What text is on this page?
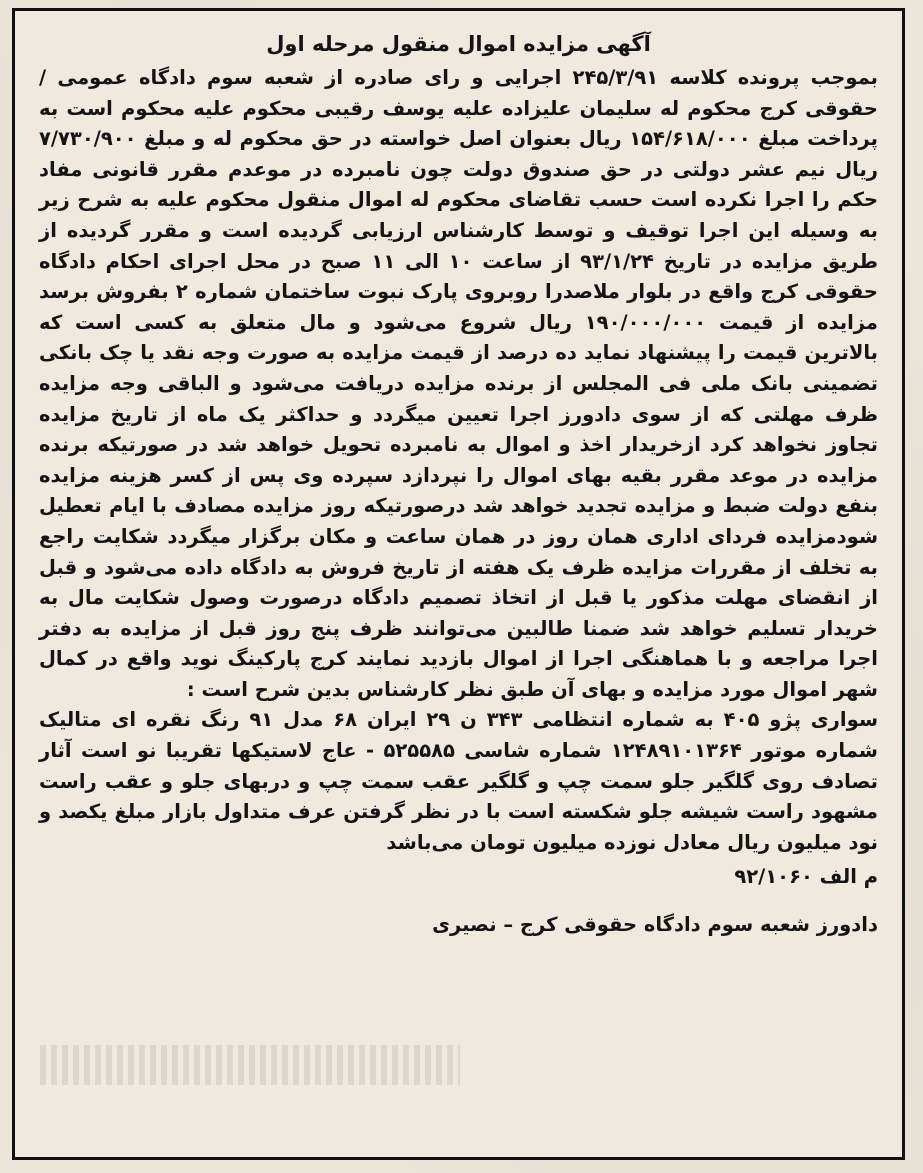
آگهی مزایده اموال منقول مرحله اول

بموجب پرونده کلاسه ۲۴۵/۳/۹۱ اجرایی و رای صادره از شعبه سوم دادگاه عمومی / حقوقی کرج محکوم له سلیمان علیزاده علیه یوسف رقیبی محکوم علیه محکوم است به پرداخت مبلغ ۱۵۴/۶۱۸/۰۰۰ ریال بعنوان اصل خواسته در حق محکوم له و مبلغ ۷/۷۳۰/۹۰۰ ریال نیم عشر دولتی در حق صندوق دولت چون نامبرده در موعدم مقرر قانونی مفاد حکم را اجرا نکرده است حسب تقاضای محکوم له اموال منقول محکوم علیه به شرح زیر به وسیله این اجرا توقیف و توسط کارشناس ارزیابی گردیده است و مقرر گردیده از طریق مزایده در تاریخ ۹۳/۱/۲۴ از ساعت ۱۰ الی ۱۱ صبح در محل اجرای احکام دادگاه حقوقی کرج واقع در بلوار ملاصدرا روبروی پارک نبوت ساختمان شماره ۲ بفروش برسد مزایده از قیمت ۱۹۰/۰۰۰/۰۰۰ ریال شروع می‌شود و مال متعلق به کسی است که بالاترین قیمت را پیشنهاد نماید ده درصد از قیمت مزایده به صورت وجه نقد یا چک بانکی تضمینی بانک ملی فی المجلس از برنده مزایده دریافت می‌شود و الباقی وجه مزایده ظرف مهلتی که از سوی دادورز اجرا تعیین میگردد و حداکثر یک ماه از تاریخ مزایده تجاوز نخواهد کرد ازخریدار اخذ و اموال به نامبرده تحویل خواهد شد در صورتیکه برنده مزایده در موعد مقرر بقیه بهای اموال را نپردازد سپرده وی پس از کسر هزینه مزایده بنفع دولت ضبط و مزایده تجدید خواهد شد درصورتیکه روز مزایده مصادف با ایام تعطیل شودمزایده فردای اداری همان روز در همان ساعت و مکان برگزار میگردد شکایت راجع به تخلف از مقررات مزایده ظرف یک هفته از تاریخ فروش به دادگاه داده می‌شود و قبل از انقضای مهلت مذکور یا قبل از اتخاذ تصمیم دادگاه درصورت وصول شکایت مال به خریدار تسلیم خواهد شد ضمنا طالبین می‌توانند ظرف پنج روز قبل از مزایده به دفتر اجرا مراجعه و با هماهنگی اجرا از اموال بازدید نمایند کرج پارکینگ نوید واقع در کمال شهر اموال مورد مزایده و بهای آن طبق نظر کارشناس بدین شرح است :

سواری پژو ۴۰۵ به شماره انتظامی ۳۴۳ ن ۲۹ ایران ۶۸ مدل ۹۱ رنگ نقره ای متالیک شماره موتور ۱۲۴۸۹۱۰۱۳۶۴ شماره شاسی ۵۲۵۵۸۵ - عاج لاستیکها تقریبا نو است آثار تصادف روی گلگیر جلو سمت چپ و گلگیر عقب سمت چپ و دربهای جلو و عقب راست مشهود راست شیشه جلو شکسته است با در نظر گرفتن عرف متداول بازار مبلغ یکصد و نود میلیون ریال معادل نوزده میلیون تومان می‌باشد

م الف ۹۲/۱۰۶۰
دادورز شعبه سوم دادگاه حقوقی کرج – نصیری
